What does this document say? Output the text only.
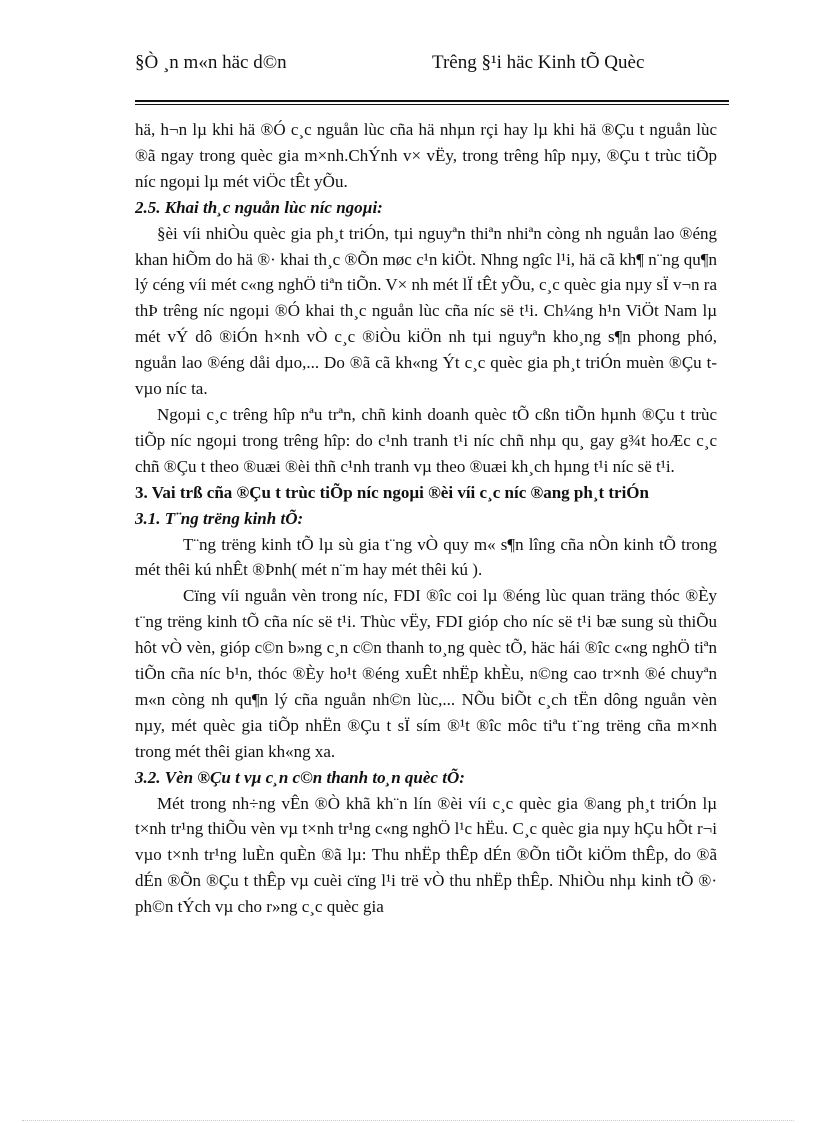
§Ò ¸n m«n häc d©n	Trêng §¹i häc Kinh tÕ Quèc

hä, h¬n lµ khi hä ®Ó c¸c nguån lùc cña hä nhµn rçi hay lµ khi hä ®Çu t nguån lùc ®ã ngay trong quèc gia m×nh.ChÝnh v× vËy, trong trêng hîp nµy, ®Çu t trùc tiÕp níc ngoµi lµ mét viÖc tÊt yÕu.

2.5. Khai th¸c nguån lùc níc ngoµi:

§èi víi nhiÒu quèc gia ph¸t triÓn, tµi nguyªn thiªn nhiªn còng nh nguån lao ®éng khan hiÕm do hä ®· khai th¸c ®Õn møc c¹n kiÖt. Nhng ngîc l¹i, hä cã kh¶ n¨ng qu¶n lý céng víi mét c«ng nghÖ tiªn tiÕn. V× nh mét lÏ tÊt yÕu, c¸c quèc gia nµy sÏ v¬n ra thÞ trêng níc ngoµi ®Ó khai th¸c nguån lùc cña níc së t¹i. Ch¼ng h¹n ViÖt Nam lµ mét vÝ dô ®iÓn h×nh vÒ c¸c ®iÒu kiÖn nh tµi nguyªn kho¸ng s¶n phong phó, nguån lao ®éng dåi dµo,... Do ®ã cã kh«ng Ýt c¸c quèc gia ph¸t triÓn muèn ®Çu t vµo níc ta.

Ngoµi c¸c trêng hîp nªu trªn, chñ kinh doanh quèc tÕ cßn tiÕn hµnh ®Çu t trùc tiÕp níc ngoµi trong trêng hîp: do c¹nh tranh t¹i níc chñ nhµ qu¸ gay g¾t hoÆc c¸c chñ ®Çu t theo ®uæi ®èi thñ c¹nh tranh vµ theo ®uæi kh¸ch hµng t¹i níc së t¹i.

3. Vai trß cña ®Çu t trùc tiÕp níc ngoµi ®èi víi c¸c níc ®ang ph¸t triÓn

3.1. T¨ng trëng kinh tÕ:

T¨ng trëng kinh tÕ lµ sù gia t¨ng vÒ quy m« s¶n lîng cña nÒn kinh tÕ trong mét thêi kú nhÊt ®Þnh( mét n¨m hay mét thêi kú ).

Cïng víi nguån vèn trong níc, FDI ®îc coi lµ ®éng lùc quan träng thóc ®Èy t¨ng trëng kinh tÕ cña níc së t¹i. Thùc vËy, FDI gióp cho níc së t¹i bæ sung sù thiÕu hôt vÒ vèn, gióp c©n b»ng c¸n c©n thanh to¸ng quèc tÕ, häc hái ®îc c«ng nghÖ tiªn tiÕn cña níc b¹n, thóc ®Èy ho¹t ®éng xuÊt nhËp khÈu, n©ng cao tr×nh ®é chuyªn m«n còng nh qu¶n lý cña nguån nh©n lùc,... NÕu biÕt c¸ch tËn dông nguån vèn nµy, mét quèc gia tiÕp nhËn ®Çu t sÏ sím ®¹t ®îc môc tiªu t¨ng trëng cña m×nh trong mét thêi gian kh«ng xa.

3.2. Vèn ®Çu t vµ c¸n c©n thanh to¸n quèc tÕ:

Mét trong nh÷ng vÊn ®Ò khã kh¨n lín ®èi víi c¸c quèc gia ®ang ph¸t triÓn lµ t×nh tr¹ng thiÕu vèn vµ t×nh tr¹ng c«ng nghÖ l¹c hËu. C¸c quèc gia nµy hÇu hÕt r¬i vµo t×nh tr¹ng luÈn quÈn ®ã lµ: Thu nhËp thÊp dÉn ®Õn tiÕt kiÖm thÊp, do ®ã dÉn ®Õn ®Çu t thÊp vµ cuèi cïng l¹i trë vÒ thu nhËp thÊp. NhiÒu nhµ kinh tÕ ®· ph©n tÝch vµ cho r»ng c¸c quèc gia
